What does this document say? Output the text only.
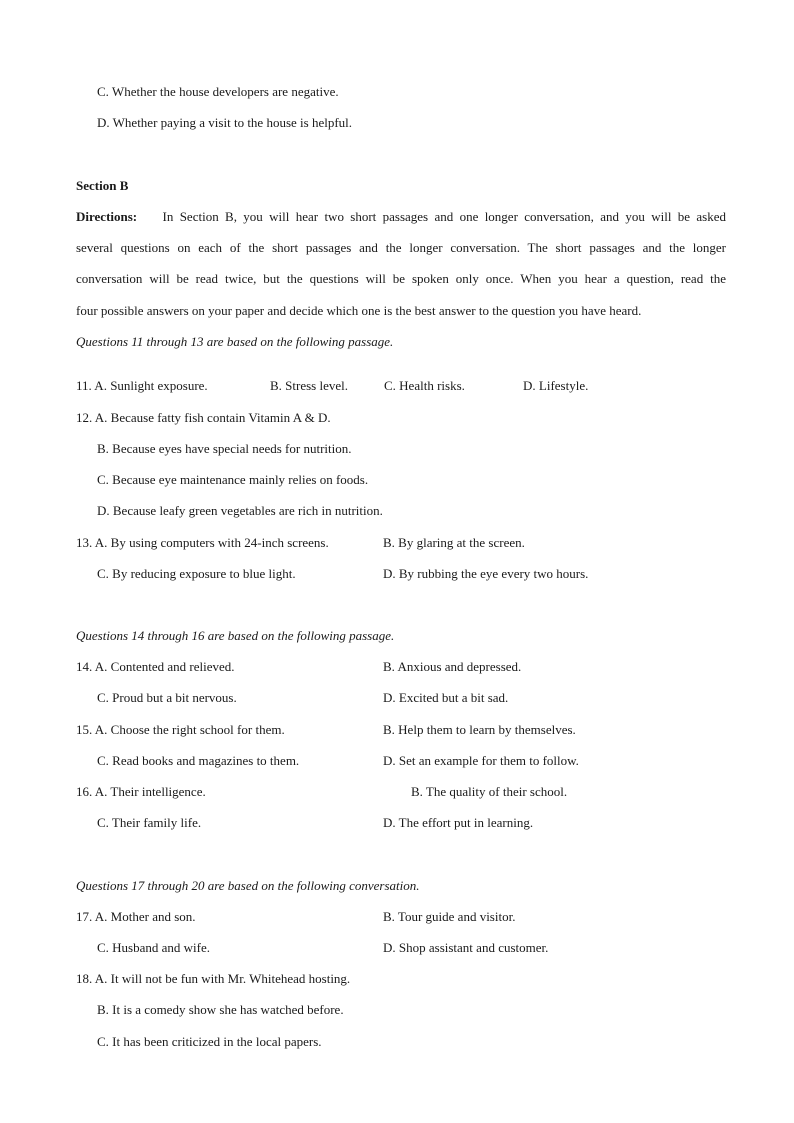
C. Whether the house developers are negative.
D. Whether paying a visit to the house is helpful.
Section B
Directions: In Section B, you will hear two short passages and one longer conversation, and you will be asked
several questions on each of the short passages and the longer conversation. The short passages and the longer
conversation will be read twice, but the questions will be spoken only once. When you hear a question, read the
four possible answers on your paper and decide which one is the best answer to the question you have heard.
Questions 11 through 13 are based on the following passage.
11. A. Sunlight exposure.	B. Stress level.	C. Health risks.	D. Lifestyle.
12. A. Because fatty fish contain Vitamin A & D.
B. Because eyes have special needs for nutrition.
C. Because eye maintenance mainly relies on foods.
D. Because leafy green vegetables are rich in nutrition.
13. A. By using computers with 24-inch screens.	B. By glaring at the screen.
C. By reducing exposure to blue light.	D. By rubbing the eye every two hours.
Questions 14 through 16 are based on the following passage.
14. A. Contented and relieved.	B. Anxious and depressed.
C. Proud but a bit nervous.	D. Excited but a bit sad.
15. A. Choose the right school for them.	B. Help them to learn by themselves.
C. Read books and magazines to them.	D. Set an example for them to follow.
16. A. Their intelligence.	B. The quality of their school.
C. Their family life.	D. The effort put in learning.
Questions 17 through 20 are based on the following conversation.
17. A. Mother and son.	B. Tour guide and visitor.
C. Husband and wife.	D. Shop assistant and customer.
18. A. It will not be fun with Mr. Whitehead hosting.
B. It is a comedy show she has watched before.
C. It has been criticized in the local papers.
